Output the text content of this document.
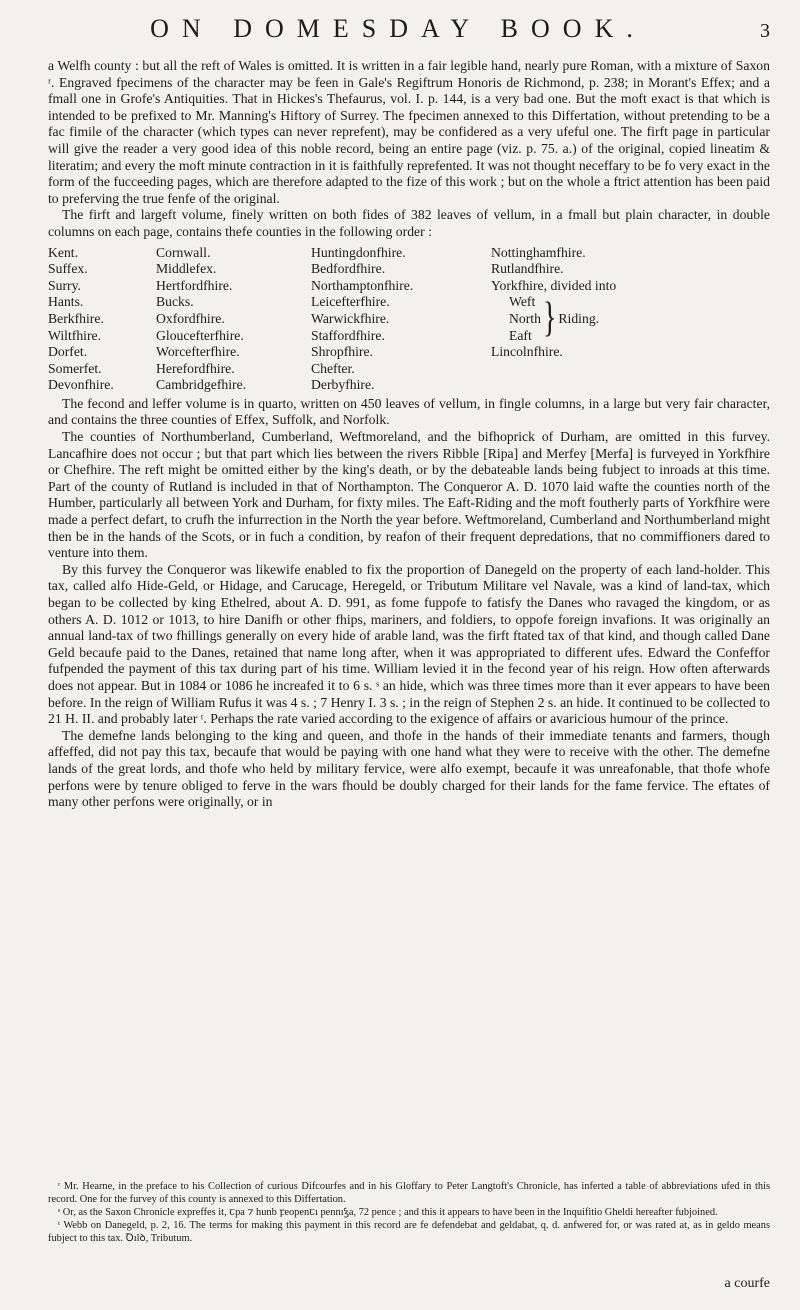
ON DOMESDAY BOOK.	3

a Welfh county : but all the reft of Wales is omitted. It is written in a fair legible hand, nearly pure Roman, with a mixture of Saxon ʳ. Engraved fpecimens of the character may be feen in Gale's Regiftrum Honoris de Richmond, p. 238; in Morant's Effex; and a fmall one in Grofe's Antiquities. That in Hickes's Thefaurus, vol. I. p. 144, is a very bad one. But the moft exact is that which is intended to be prefixed to Mr. Manning's Hiftory of Surrey. The fpecimen annexed to this Differtation, without pretending to be a fac fimile of the character (which types can never reprefent), may be confidered as a very ufeful one. The firft page in particular will give the reader a very good idea of this noble record, being an entire page (viz. p. 75. a.) of the original, copied lineatim & literatim; and every the moft minute contraction in it is faithfully reprefented. It was not thought neceffary to be fo very exact in the form of the fucceeding pages, which are therefore adapted to the fize of this work ; but on the whole a ftrict attention has been paid to preferving the true fenfe of the original.

The firft and largeft volume, finely written on both fides of 382 leaves of vellum, in a fmall but plain character, in double columns on each page, contains thefe counties in the following order :

Kent.
Suffex.
Surry.
Hants.
Berkfhire.
Wiltfhire.
Dorfet.
Somerfet.
Devonfhire.
Cornwall.
Middlefex.
Hertfordfhire.
Bucks.
Oxfordfhire.
Gloucefterfhire.
Worcefterfhire.
Herefordfhire.
Cambridgefhire.
Huntingdonfhire.
Bedfordfhire.
Northamptonfhire.
Leicefterfhire.
Warwickfhire.
Staffordfhire.
Shropfhire.
Chefter.
Derbyfhire.
Nottinghamfhire.
Rutlandfhire.
Yorkfhire, divided into
Weft
North
Eaft } Riding.
Lincolnfhire.

The fecond and leffer volume is in quarto, written on 450 leaves of vellum, in fingle columns, in a large but very fair character, and contains the three counties of Effex, Suffolk, and Norfolk.

The counties of Northumberland, Cumberland, Weftmoreland, and the bifhoprick of Durham, are omitted in this furvey. Lancafhire does not occur ; but that part which lies between the rivers Ribble [Ripa] and Merfey [Merfa] is furveyed in Yorkfhire or Chefhire. The reft might be omitted either by the king's death, or by the debateable lands being fubject to inroads at this time. Part of the county of Rutland is included in that of Northampton. The Conqueror A. D. 1070 laid wafte the counties north of the Humber, particularly all between York and Durham, for fixty miles. The Eaft-Riding and the moft foutherly parts of Yorkfhire were made a perfect defart, to crufh the infurrection in the North the year before. Weftmoreland, Cumberland and Northumberland might then be in the hands of the Scots, or in fuch a condition, by reafon of their frequent depredations, that no commiffioners dared to venture into them.

By this furvey the Conqueror was likewife enabled to fix the proportion of Danegeld on the property of each land-holder. This tax, called alfo Hide-Geld, or Hidage, and Carucage, Heregeld, or Tributum Militare vel Navale, was a kind of land-tax, which began to be collected by king Ethelred, about A. D. 991, as fome fuppofe to fatisfy the Danes who ravaged the kingdom, or as others A. D. 1012 or 1013, to hire Danifh or other fhips, mariners, and foldiers, to oppofe foreign invafions. It was originally an annual land-tax of two fhillings generally on every hide of arable land, was the firft ftated tax of that kind, and though called Dane Geld becaufe paid to the Danes, retained that name long after, when it was appropriated to different ufes. Edward the Confeffor fufpended the payment of this tax during part of his time. William levied it in the fecond year of his reign. How often afterwards does not appear. But in 1084 or 1086 he increafed it to 6 s. ˢ an hide, which was three times more than it ever appears to have been before. In the reign of William Rufus it was 4 s. ; 7 Henry I. 3 s. ; in the reign of Stephen 2 s. an hide. It continued to be collected to 21 H. II. and probably later ᵗ. Perhaps the rate varied according to the exigence of affairs or avaricious humour of the prince.

The demefne lands belonging to the king and queen, and thofe in the hands of their immediate tenants and farmers, though affeffed, did not pay this tax, becaufe that would be paying with one hand what they were to receive with the other. The demefne lands of the great lords, and thofe who held by military fervice, were alfo exempt, becaufe it was unreafonable, that thofe whofe perfons were by tenure obliged to ferve in the wars fhould be doubly charged for their lands for the fame fervice. The eftates of many other perfons were originally, or in

ʳ Mr. Hearne, in the preface to his Collection of curious Difcourfes and in his Gloffary to Peter Langtoft's Chronicle, has inferted a table of abbreviations ufed in this record. One for the furvey of this county is annexed to this Differtation.

ˢ Or, as the Saxon Chronicle expreffes it, ꞇpa ⁊ hunb ꝼeopenꞇı pennıꝣa, 72 pence ; and this it appears to have been in the Inquifitio Gheldi hereafter fubjoined.

ᵗ Webb on Danegeld, p. 2, 16. The terms for making this payment in this record are fe defendebat and geldabat, q. d. anfwered for, or was rated at, as in geldo means fubject to this tax. Ꝺılꝺ, Tributum.

a courfe
